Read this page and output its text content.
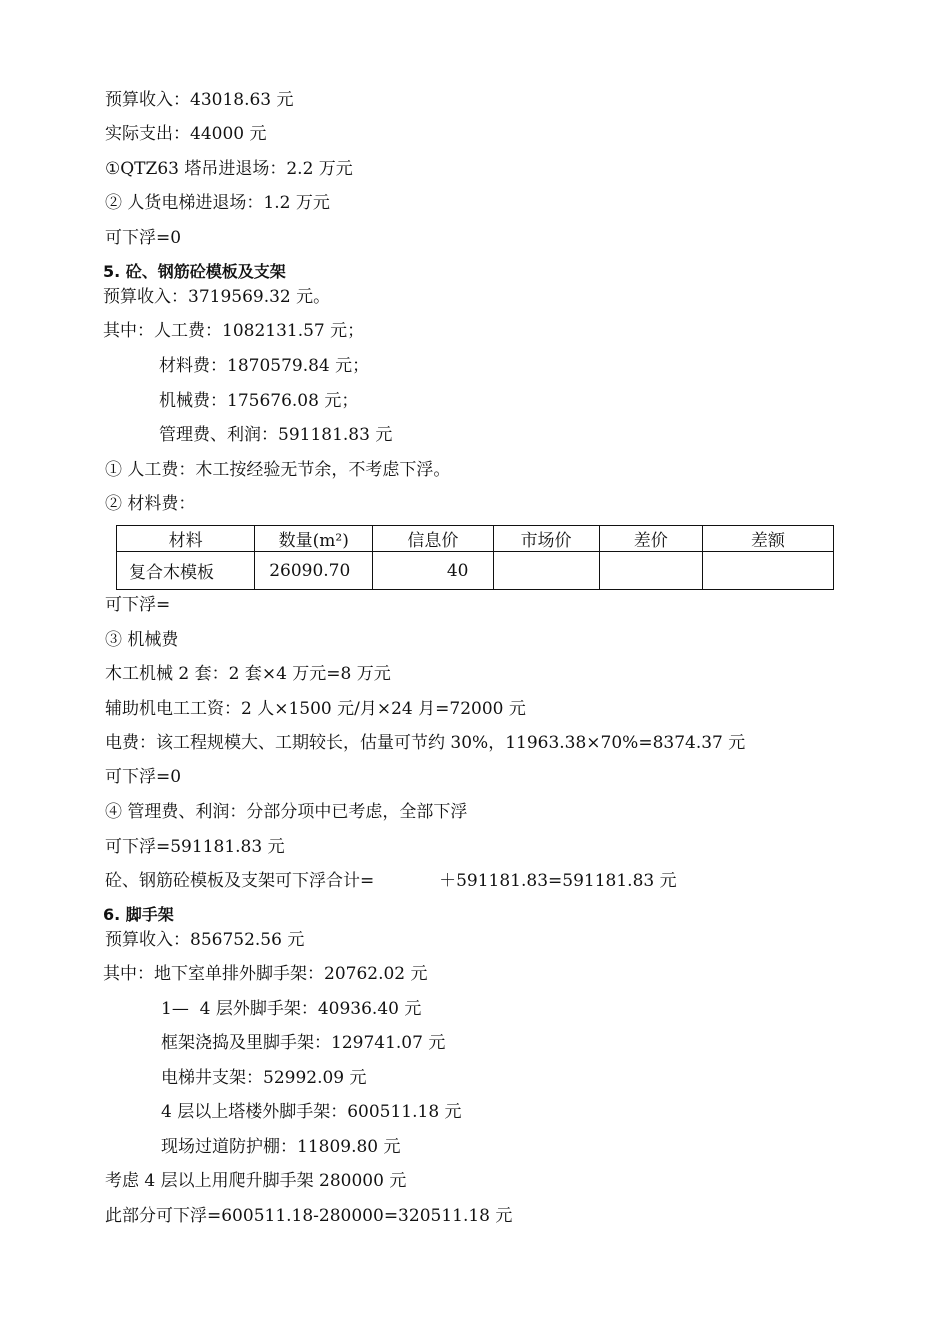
预算收入：43018.63 元
实际支出：44000 元
①QTZ63 塔吊进退场：2.2 万元
② 人货电梯进退场：1.2 万元
可下浮=0
5. 砼、钢筋砼模板及支架
预算收入：3719569.32 元。
其中：人工费：1082131.57 元；
材料费：1870579.84 元；
机械费：175676.08 元；
管理费、利润：591181.83 元
① 人工费：木工按经验无节余，不考虑下浮。
② 材料费：
材料	数量(m²)	信息价	市场价	差价	差额
复合木模板	26090.70	40			
可下浮=
③ 机械费
木工机械 2 套：2 套×4 万元=8 万元
辅助机电工工资：2 人×1500 元/月×24 月=72000 元
电费：该工程规模大、工期较长，估量可节约 30%，11963.38×70%=8374.37 元
可下浮=0
④ 管理费、利润：分部分项中已考虑，全部下浮
可下浮=591181.83 元
砼、钢筋砼模板及支架可下浮合计=            ＋591181.83=591181.83 元
6. 脚手架
预算收入：856752.56 元
其中：地下室单排外脚手架：20762.02 元
1—  4 层外脚手架：40936.40 元
框架浇捣及里脚手架：129741.07 元
电梯井支架：52992.09 元
4 层以上塔楼外脚手架：600511.18 元
现场过道防护棚：11809.80 元
考虑 4 层以上用爬升脚手架 280000 元
此部分可下浮=600511.18-280000=320511.18 元
